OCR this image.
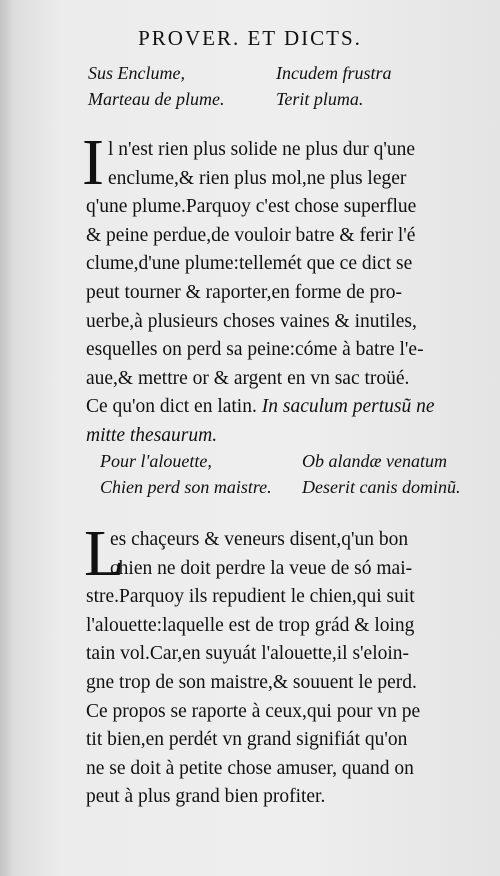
PROVER. ET DICTS.
Sus Enclume,	Incudem frustra
Marteau de plume.	Terit pluma.
I l n'est rien plus solide ne plus dur q'une
enclume,& rien plus mol,ne plus leger
q'une plume.Parquoy c'est chose superflue
& peine perdue,de vouloir batre & ferir l'é
clume,d'une plume:tellemét que ce dict se
peut tourner & raporter,en forme de pro-
uerbe,à plusieurs choses vaines & inutiles,
esquelles on perd sa peine:cóme à batre l'e-
aue,& mettre or & argent en vn sac troüé.
Ce qu'on dict en latin. In saculum pertusũ ne
mitte thesaurum.
Pour l'alouette,	Ob alandæ venatum
Chien perd son maistre. Deserit canis dominũ.
L
es chaçeurs & veneurs disent,q'un bon
chien ne doit perdre la veue de só mai-
stre.Parquoy ils repudient le chien,qui suit
l'alouette:laquelle est de trop grád & loing
tain vol.Car,en suyuát l'alouette,il s'eloin-
gne trop de son maistre,& souuent le perd.
Ce propos se raporte à ceux,qui pour vn pe
tit bien,en perdét vn grand signifiát qu'on
ne se doit à petite chose amuser, quand on
peut à plus grand bien profiter.
